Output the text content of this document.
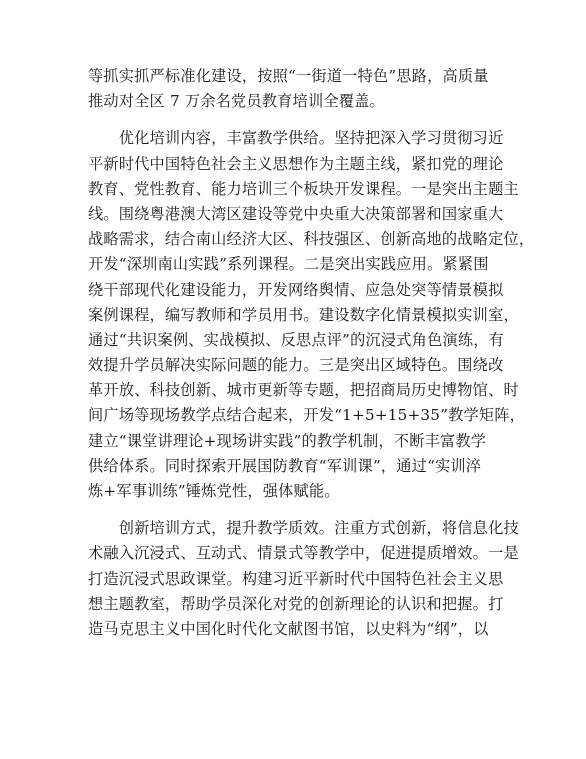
等抓实抓严标准化建设，按照“一街道一特色”思路，高质量
推动对全区 7 万余名党员教育培训全覆盖。
　　优化培训内容，丰富教学供给。坚持把深入学习贯彻习近
平新时代中国特色社会主义思想作为主题主线，紧扣党的理论
教育、党性教育、能力培训三个板块开发课程。一是突出主题主
线。围绕粤港澳大湾区建设等党中央重大决策部署和国家重大
战略需求，结合南山经济大区、科技强区、创新高地的战略定位，
开发“深圳南山实践”系列课程。二是突出实践应用。紧紧围
绕干部现代化建设能力，开发网络舆情、应急处突等情景模拟
案例课程，编写教师和学员用书。建设数字化情景模拟实训室，
通过“共识案例、实战模拟、反思点评”的沉浸式角色演练，有
效提升学员解决实际问题的能力。三是突出区域特色。围绕改
革开放、科技创新、城市更新等专题，把招商局历史博物馆、时
间广场等现场教学点结合起来，开发“1+5+15+35”教学矩阵，
建立“课堂讲理论+现场讲实践”的教学机制，不断丰富教学
供给体系。同时探索开展国防教育“军训课”，通过“实训淬
炼+军事训练”锤炼党性，强体赋能。
　　创新培训方式，提升教学质效。注重方式创新，将信息化技
术融入沉浸式、互动式、情景式等教学中，促进提质增效。一是
打造沉浸式思政课堂。构建习近平新时代中国特色社会主义思
想主题教室，帮助学员深化对党的创新理论的认识和把握。打
造马克思主义中国化时代化文献图书馆，以史料为“纲”，以
